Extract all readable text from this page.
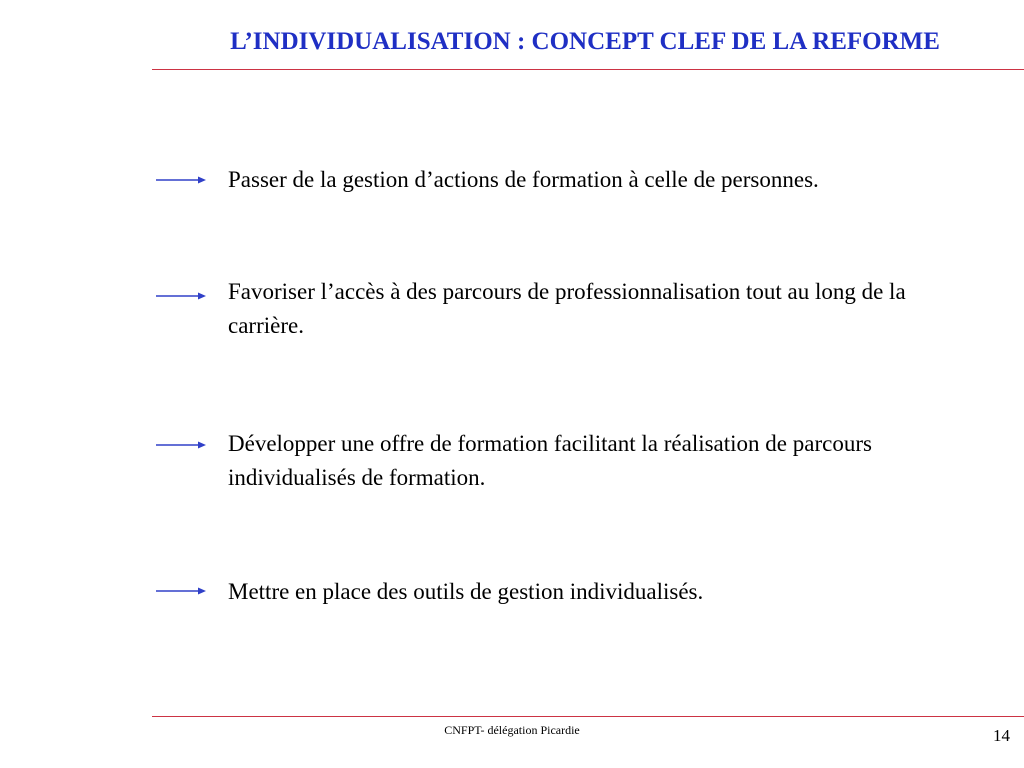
L’INDIVIDUALISATION : CONCEPT CLEF DE LA REFORME
Passer de la gestion d’actions de formation à celle de personnes.
Favoriser l’accès à des parcours de professionnalisation tout au long de la carrière.
Développer une offre de formation facilitant la réalisation de parcours individualisés de formation.
Mettre en place des outils de gestion individualisés.
CNFPT- délégation Picardie	14
